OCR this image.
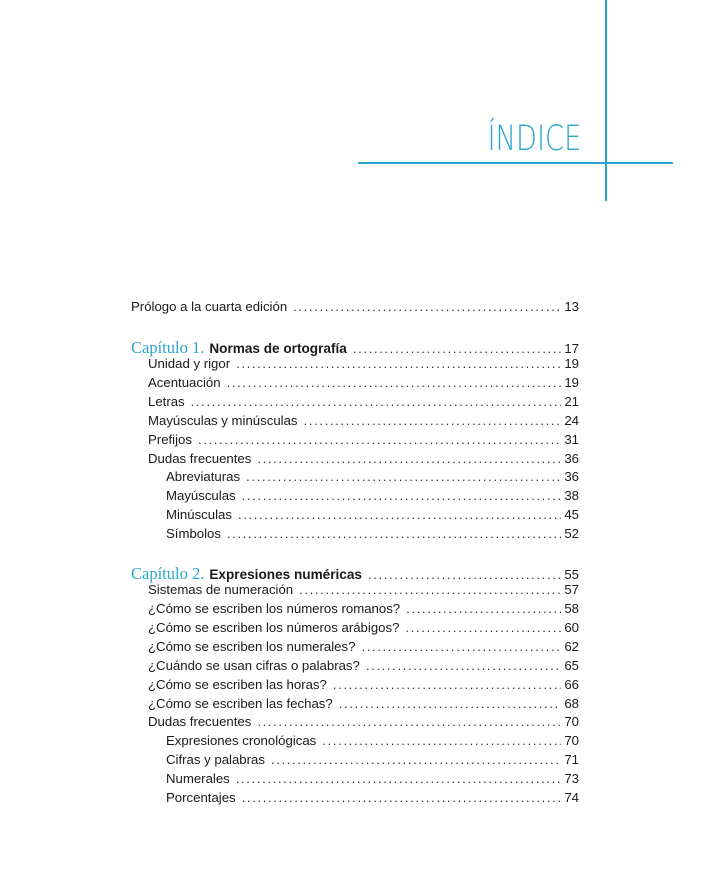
ÍNDICE
Prólogo a la cuarta edición .....	13
Capítulo 1. Normas de ortografía .....	17
Unidad y rigor .....	19
Acentuación .....	19
Letras .....	21
Mayúsculas y minúsculas .....	24
Prefijos .....	31
Dudas frecuentes .....	36
Abreviaturas .....	36
Mayúsculas .....	38
Minúsculas .....	45
Símbolos .....	52
Capítulo 2. Expresiones numéricas .....	55
Sistemas de numeración .....	57
¿Cómo se escriben los números romanos? .....	58
¿Cómo se escriben los números arábigos? .....	60
¿Cómo se escriben los numerales? .....	62
¿Cuándo se usan cifras o palabras? .....	65
¿Cómo se escriben las horas? .....	66
¿Cómo se escriben las fechas? .....	68
Dudas frecuentes .....	70
Expresiones cronológicas .....	70
Cifras y palabras .....	71
Numerales .....	73
Porcentajes .....	74
